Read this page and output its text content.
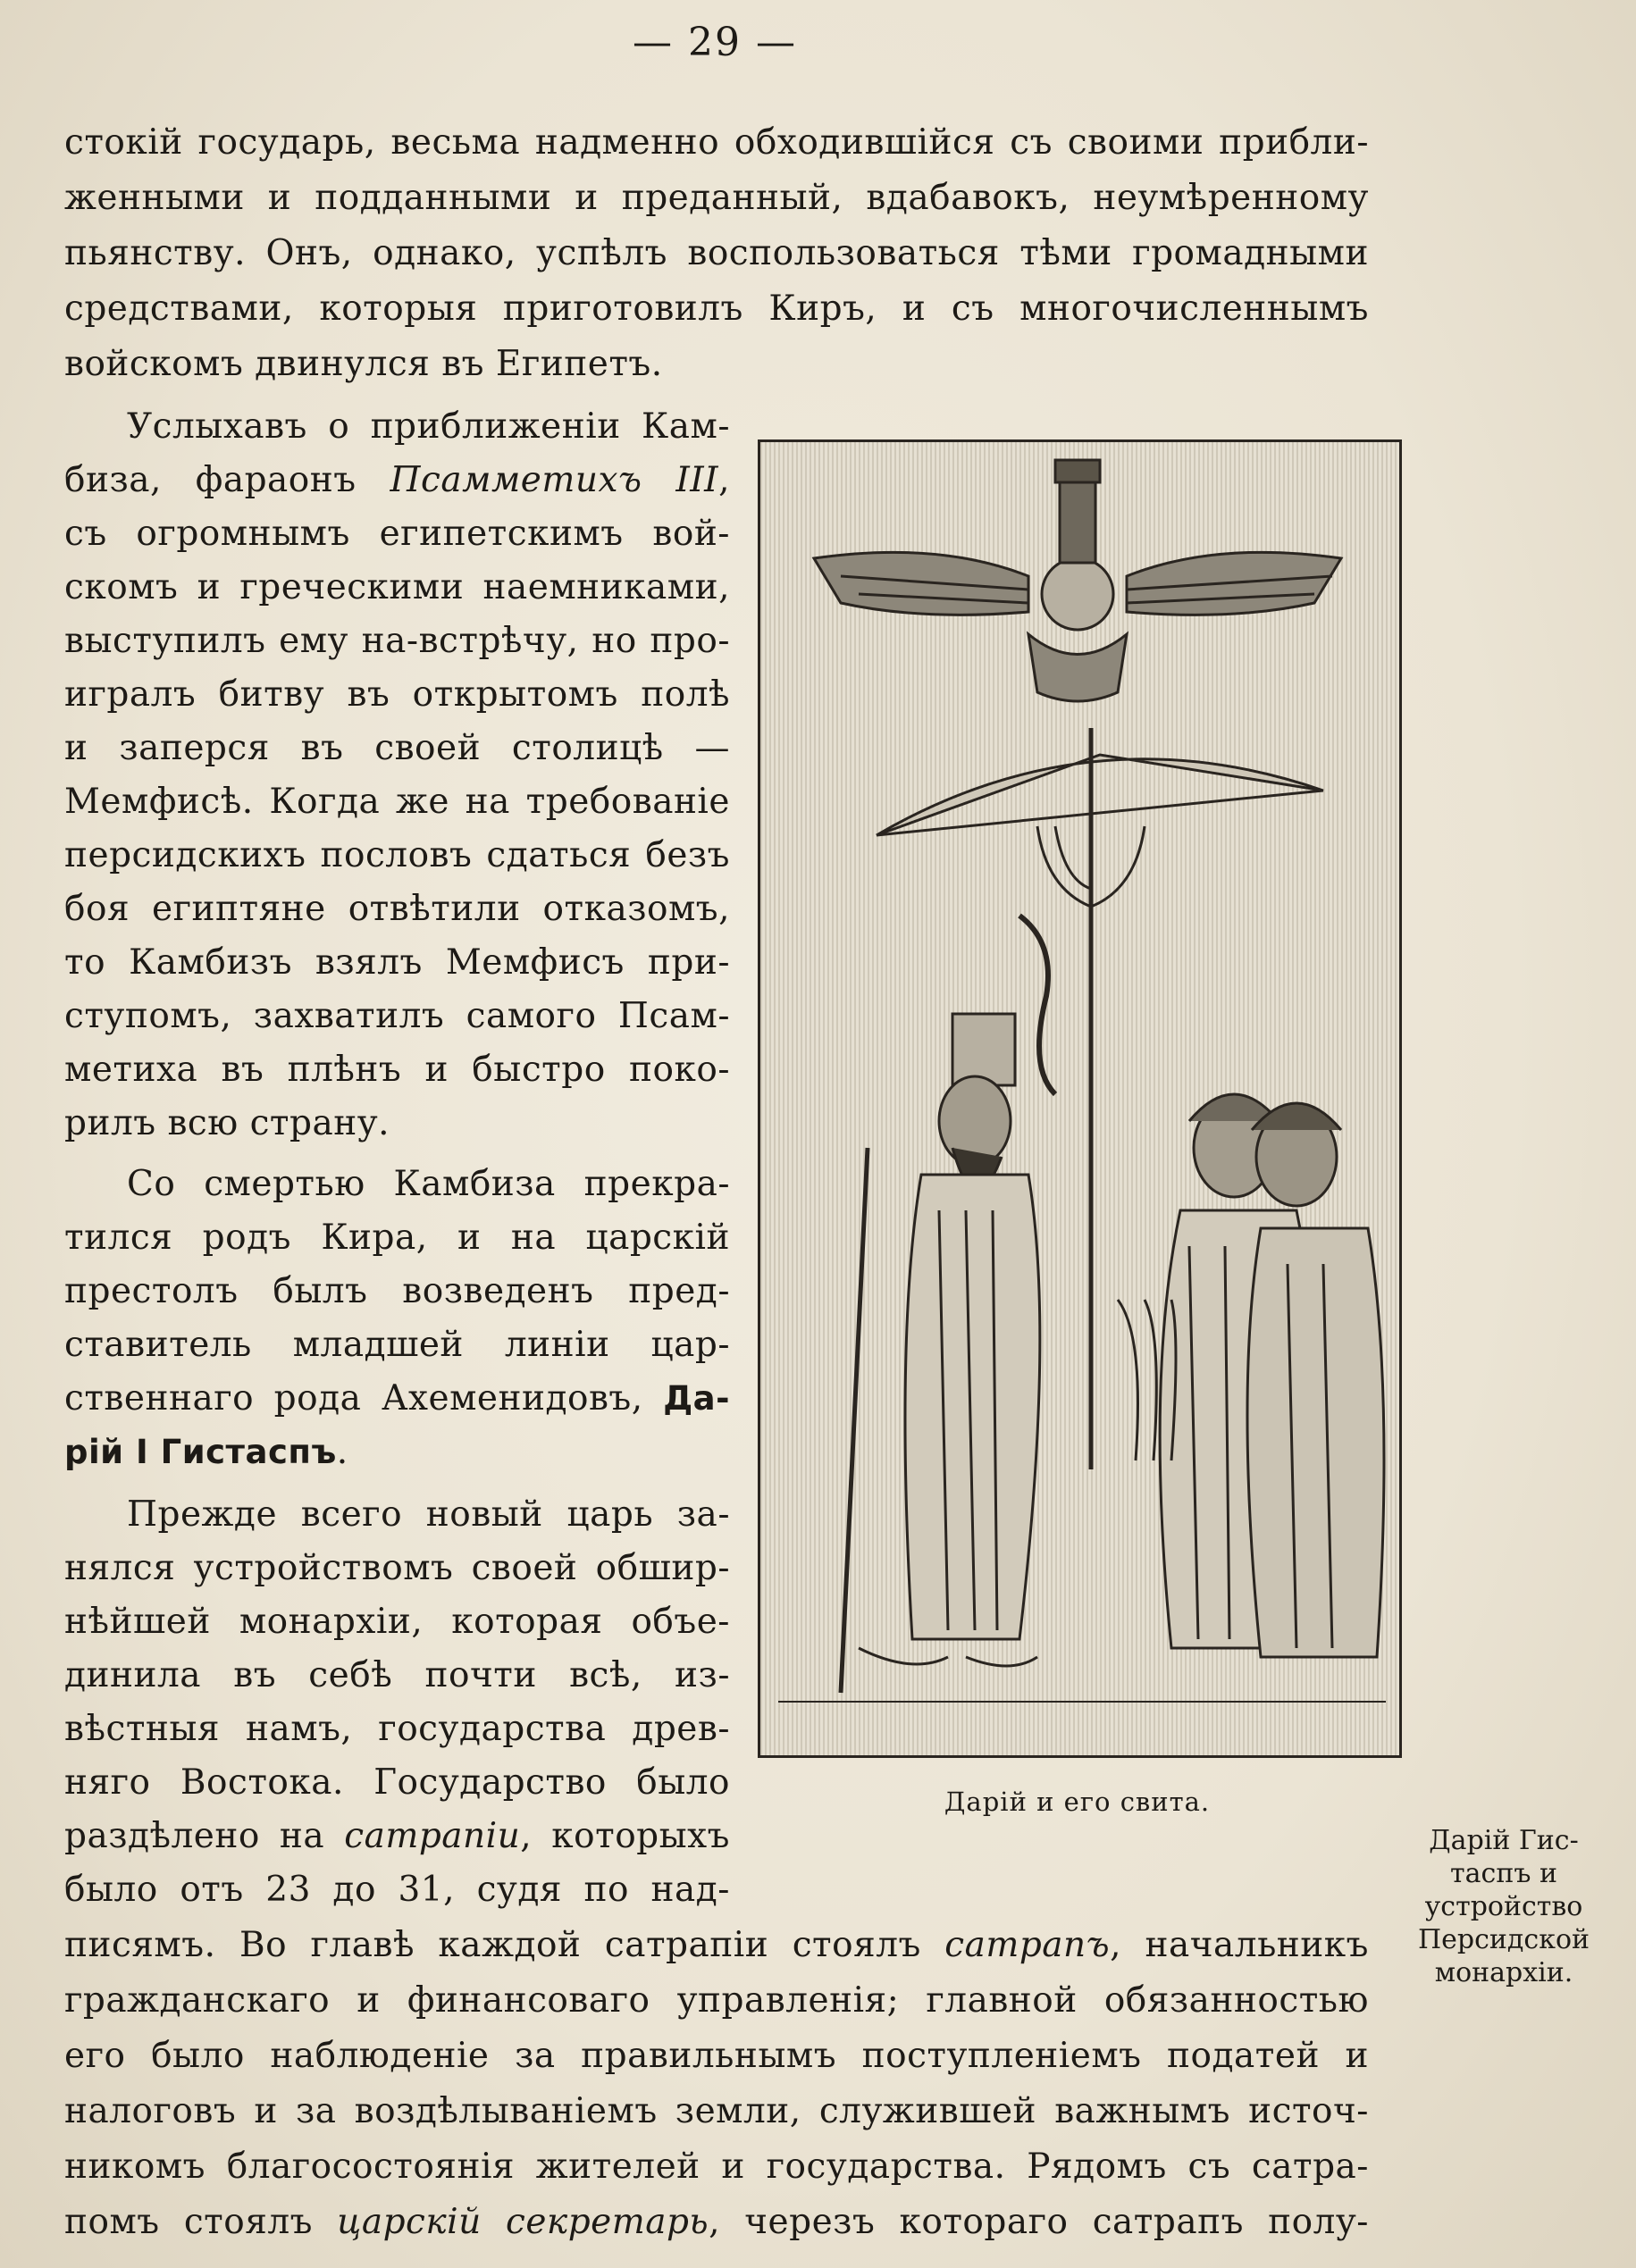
— 29 —
стокій государь, весьма надменно обходившійся съ своими прибли-
женными и подданными и преданный, вдабавокъ, неумѣренному
пьянству. Онъ, однако, успѣлъ воспользоваться тѣми громадными
средствами, которыя приготовилъ Киръ, и съ многочисленнымъ
войскомъ двинулся въ Египетъ.
Услыхавъ о приближеніи Кам-
биза, фараонъ Псамметихъ III,
съ огромнымъ египетскимъ вой-
скомъ и греческими наемниками,
выступилъ ему на-встрѣчу, но про-
игралъ битву въ открытомъ полѣ
и заперся въ своей столицѣ —
Мемфисѣ. Когда же на требованіе
персидскихъ пословъ сдаться безъ
боя египтяне отвѣтили отказомъ,
то Камбизъ взялъ Мемфисъ при-
ступомъ, захватилъ самого Псам-
метиха въ плѣнъ и быстро поко-
рилъ всю страну.
Со смертью Камбиза прекра-
тился родъ Кира, и на царскій
престолъ былъ возведенъ пред-
ставитель младшей линіи цар-
ственнаго рода Ахеменидовъ, Да-
рій I Гистаспъ.
Прежде всего новый царь за-
нялся устройствомъ своей обшир-
нѣйшей монархіи, которая объе-
динила въ себѣ почти всѣ, из-
вѣстныя намъ, государства древ-
няго Востока. Государство было
раздѣлено на сатрапіи, которыхъ
было отъ 23 до 31, судя по над-
писямъ. Во главѣ каждой сатрапіи стоялъ сатрапъ, начальникъ
гражданскаго и финансоваго управленія; главной обязанностью
его было наблюденіе за правильнымъ поступленіемъ податей и
налоговъ и за воздѣлываніемъ земли, служившей важнымъ источ-
никомъ благосостоянія жителей и государства. Рядомъ съ сатра-
помъ стоялъ царскій секретарь, черезъ котораго сатрапъ полу-
Дарій и его свита.
Дарій Гис-
таспъ и
устройство
Персидской
монархіи.
